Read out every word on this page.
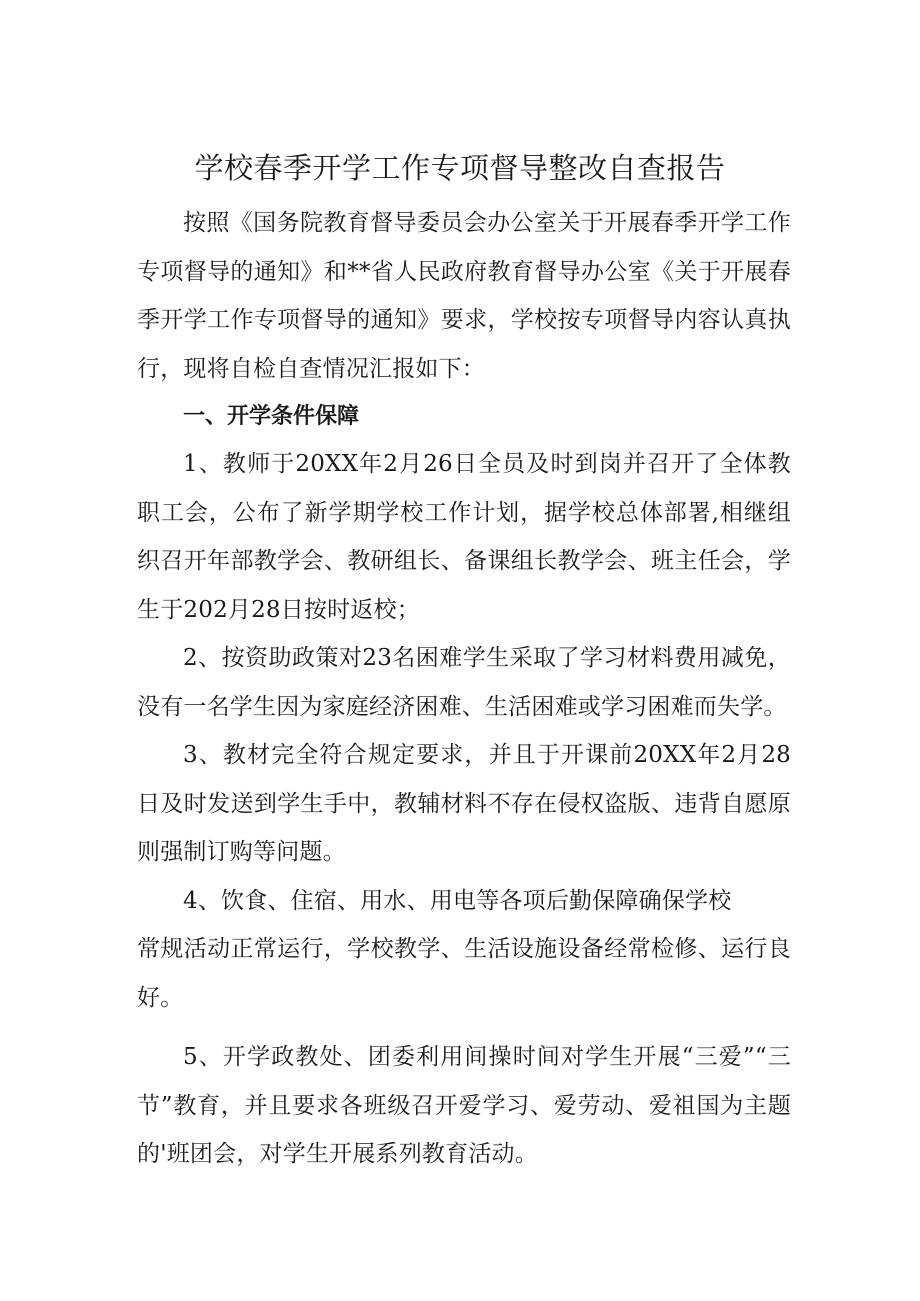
学校春季开学工作专项督导整改自查报告

按照《国务院教育督导委员会办公室关于开展春季开学工作专项督导的通知》和**省人民政府教育督导办公室《关于开展春季开学工作专项督导的通知》要求，学校按专项督导内容认真执行，现将自检自查情况汇报如下：

一、开学条件保障

1、教师于20XX年2月26日全员及时到岗并召开了全体教职工会，公布了新学期学校工作计划，据学校总体部署,相继组织召开年部教学会、教研组长、备课组长教学会、班主任会，学生于202月28日按时返校；

2、按资助政策对23名困难学生采取了学习材料费用减免，没有一名学生因为家庭经济困难、生活困难或学习困难而失学。

3、教材完全符合规定要求，并且于开课前20XX年2月28日及时发送到学生手中，教辅材料不存在侵权盗版、违背自愿原则强制订购等问题。

4、饮食、住宿、用水、用电等各项后勤保障确保学校

常规活动正常运行，学校教学、生活设施设备经常检修、运行良好。

5、开学政教处、团委利用间操时间对学生开展“三爱”“三节”教育，并且要求各班级召开爱学习、爱劳动、爱祖国为主题的'班团会，对学生开展系列教育活动。
